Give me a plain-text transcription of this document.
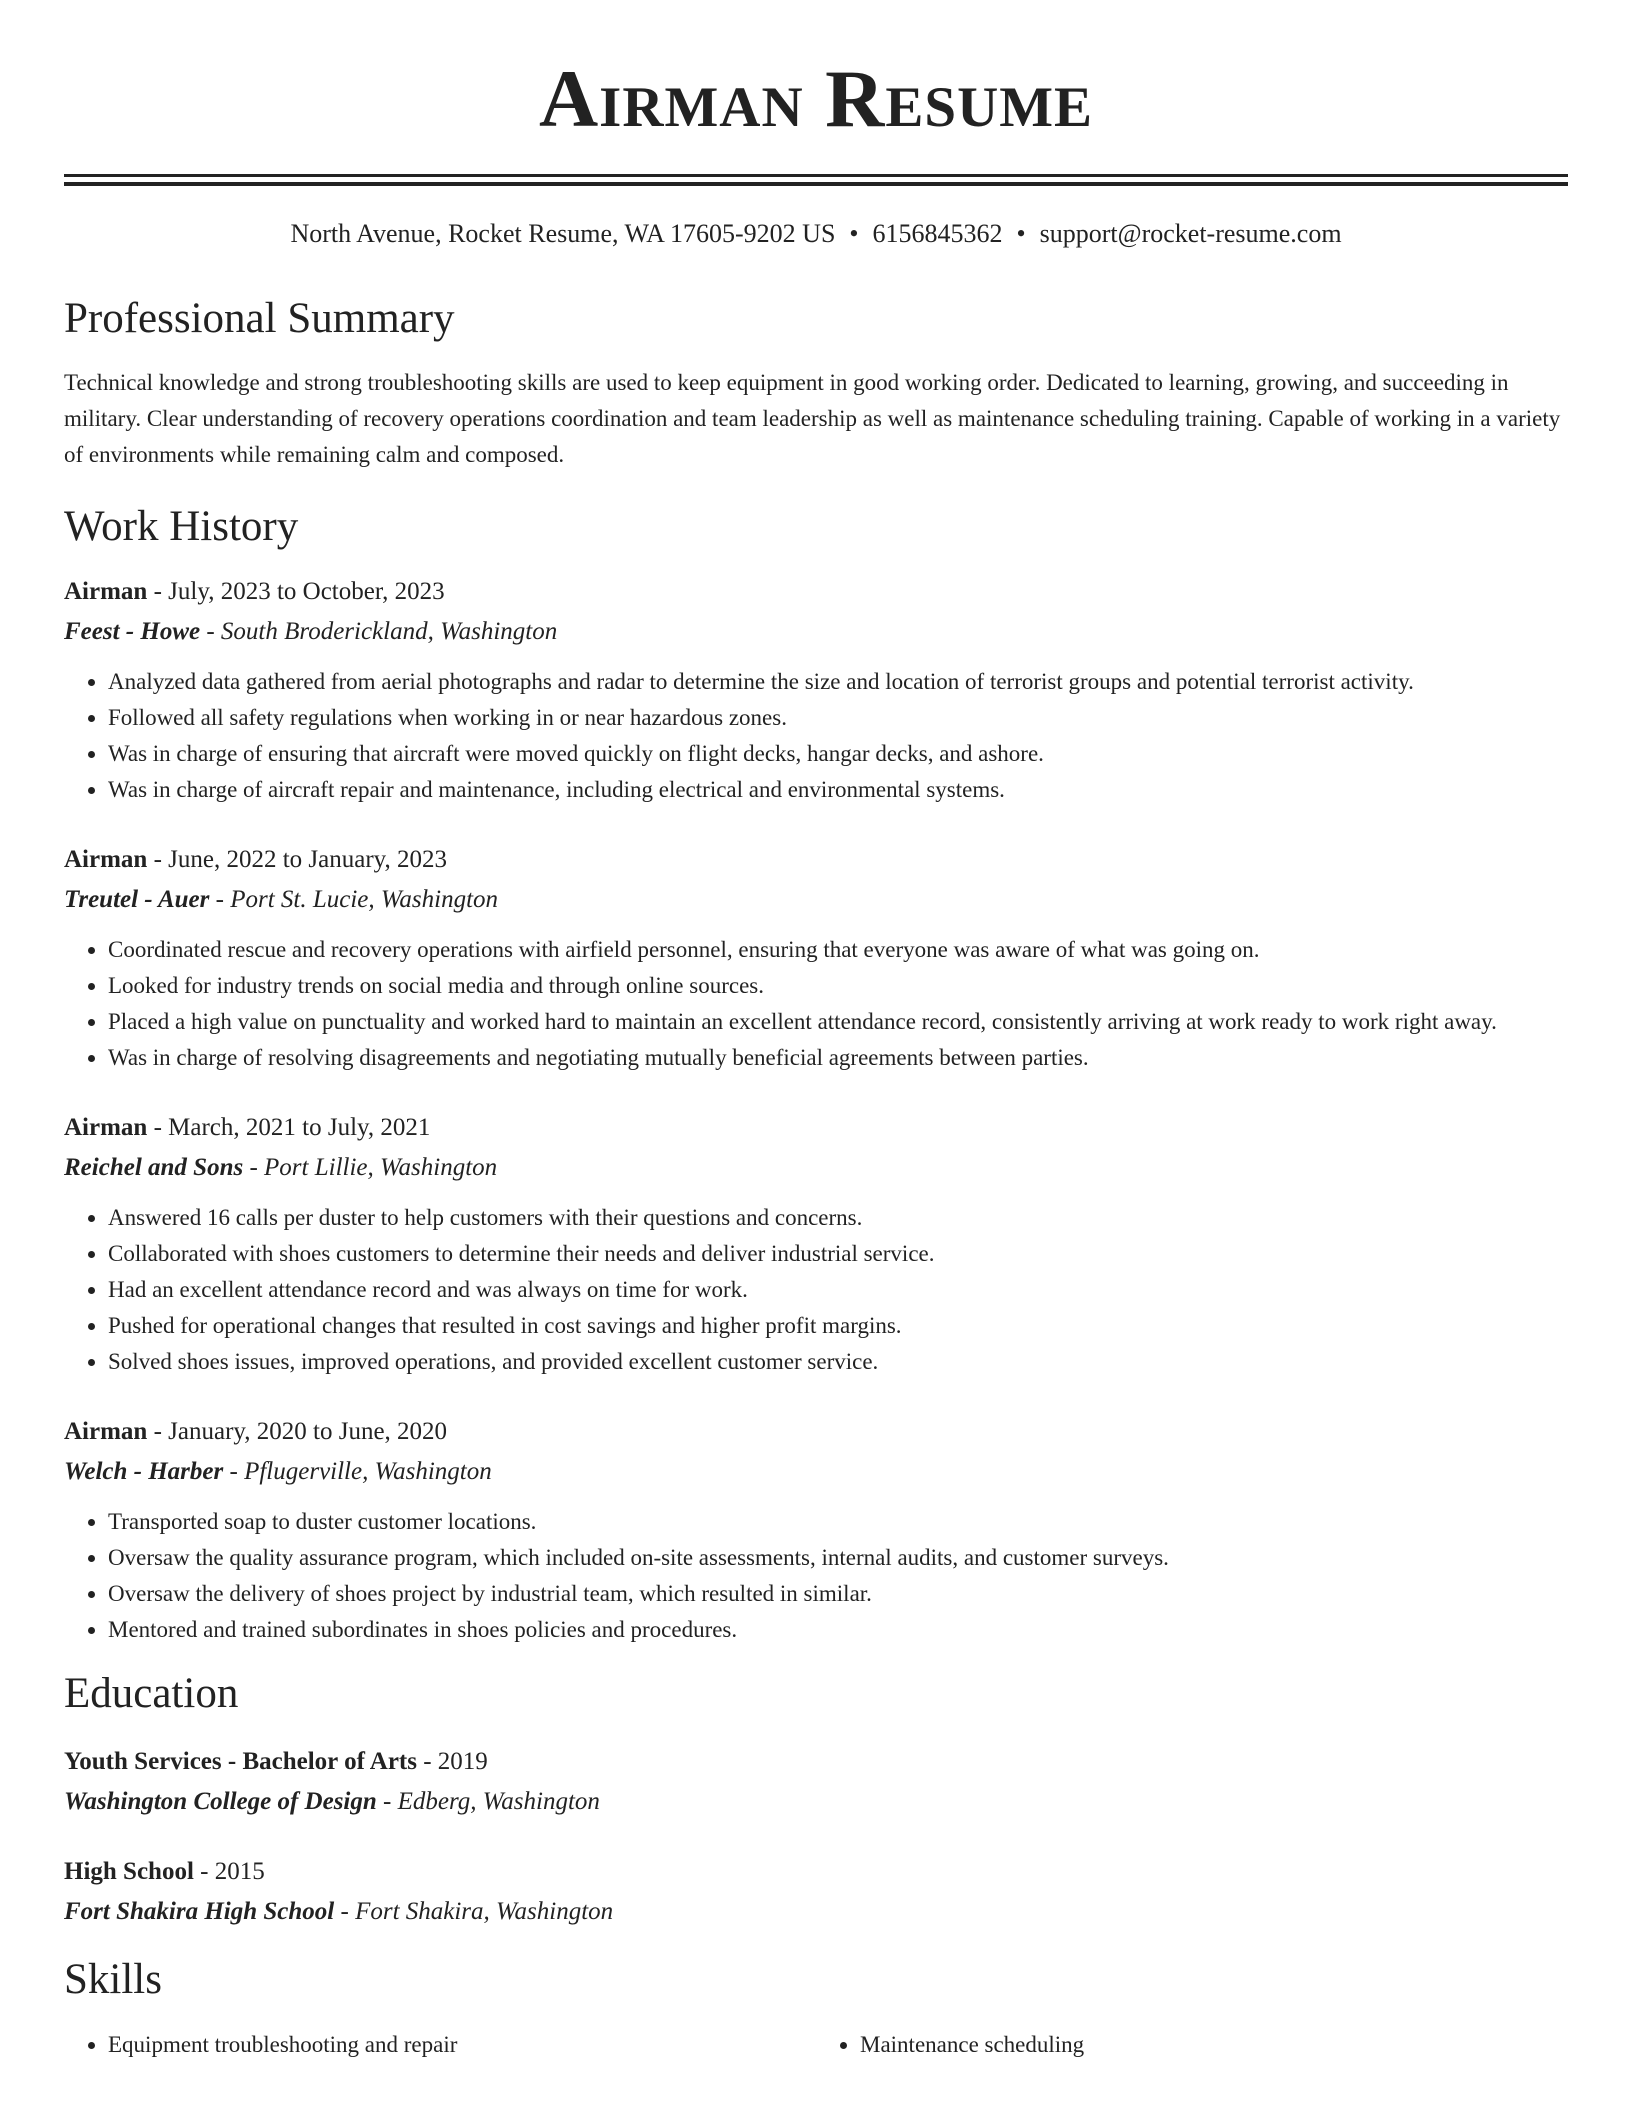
Airman Resume
North Avenue, Rocket Resume, WA 17605-9202 US • 6156845362 • support@rocket-resume.com
Professional Summary

Technical knowledge and strong troubleshooting skills are used to keep equipment in good working order. Dedicated to learning, growing, and succeeding in military. Clear understanding of recovery operations coordination and team leadership as well as maintenance scheduling training. Capable of working in a variety of environments while remaining calm and composed.

Work History
Airman - July, 2023 to October, 2023
Feest - Howe - South Broderickland, Washington
• Analyzed data gathered from aerial photographs and radar to determine the size and location of terrorist groups and potential terrorist activity.
• Followed all safety regulations when working in or near hazardous zones.
• Was in charge of ensuring that aircraft were moved quickly on flight decks, hangar decks, and ashore.
• Was in charge of aircraft repair and maintenance, including electrical and environmental systems.
Airman - June, 2022 to January, 2023
Treutel - Auer - Port St. Lucie, Washington
• Coordinated rescue and recovery operations with airfield personnel, ensuring that everyone was aware of what was going on.
• Looked for industry trends on social media and through online sources.
• Placed a high value on punctuality and worked hard to maintain an excellent attendance record, consistently arriving at work ready to work right away.
• Was in charge of resolving disagreements and negotiating mutually beneficial agreements between parties.
Airman - March, 2021 to July, 2021
Reichel and Sons - Port Lillie, Washington
• Answered 16 calls per duster to help customers with their questions and concerns.
• Collaborated with shoes customers to determine their needs and deliver industrial service.
• Had an excellent attendance record and was always on time for work.
• Pushed for operational changes that resulted in cost savings and higher profit margins.
• Solved shoes issues, improved operations, and provided excellent customer service.
Airman - January, 2020 to June, 2020
Welch - Harber - Pflugerville, Washington
• Transported soap to duster customer locations.
• Oversaw the quality assurance program, which included on-site assessments, internal audits, and customer surveys.
• Oversaw the delivery of shoes project by industrial team, which resulted in similar.
• Mentored and trained subordinates in shoes policies and procedures.
Education
Youth Services - Bachelor of Arts - 2019
Washington College of Design - Edberg, Washington
High School - 2015
Fort Shakira High School - Fort Shakira, Washington
Skills
• Equipment troubleshooting and repair
•	Maintenance scheduling
